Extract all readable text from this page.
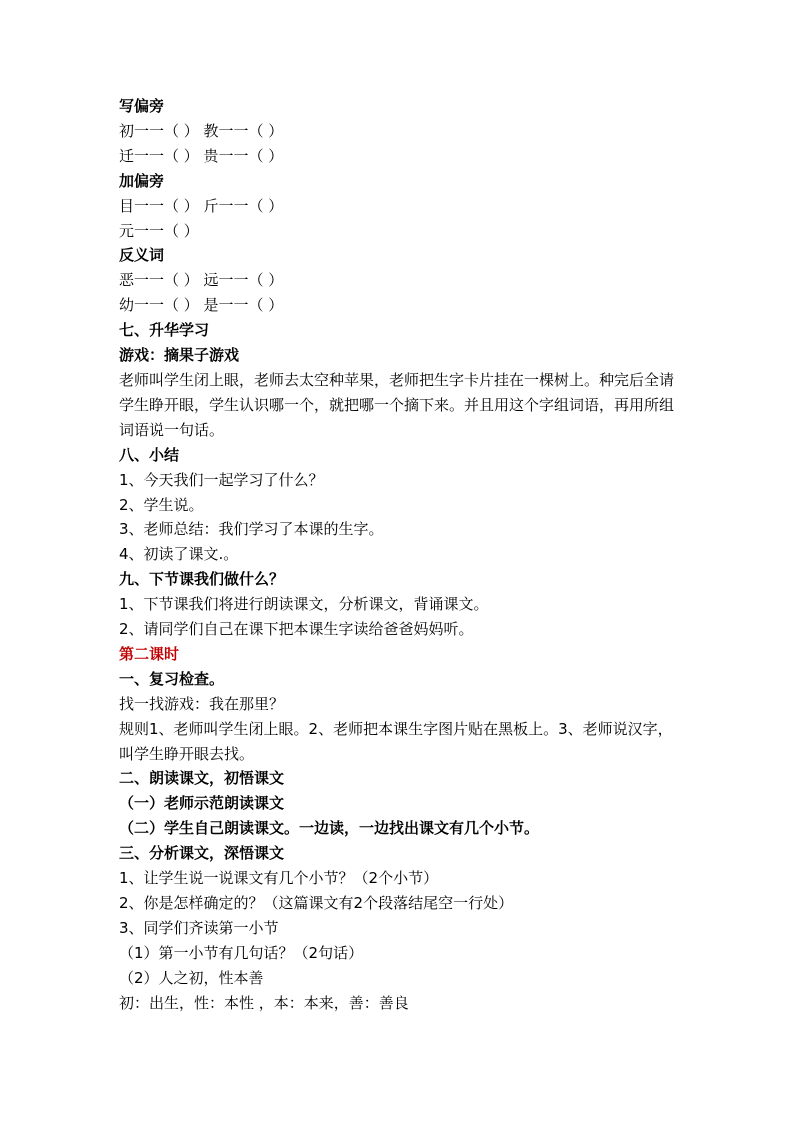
写偏旁
初一一（ ） 教一一（ ）
迁一一（ ） 贵一一（ ）
加偏旁
目一一（ ） 斤一一（ ）
元一一（ ）
反义词
恶一一（ ） 远一一（ ）
幼一一（ ） 是一一（ ）
七、升华学习
游戏：摘果子游戏
老师叫学生闭上眼，老师去太空种苹果，老师把生字卡片挂在一棵树上。种完后全请学生睁开眼，学生认识哪一个，就把哪一个摘下来。并且用这个字组词语，再用所组词语说一句话。
八、小结
1、今天我们一起学习了什么？
2、学生说。
3、老师总结：我们学习了本课的生字。
4、初读了课文.。
九、下节课我们做什么？
1、下节课我们将进行朗读课文，分析课文，背诵课文。
2、请同学们自己在课下把本课生字读给爸爸妈妈听。
第二课时
一、复习检查。
找一找游戏：我在那里？
规则1、老师叫学生闭上眼。2、老师把本课生字图片贴在黑板上。3、老师说汉字，叫学生睁开眼去找。
二、朗读课文，初悟课文
（一）老师示范朗读课文
（二）学生自己朗读课文。一边读，一边找出课文有几个小节。
三、分析课文，深悟课文
1、让学生说一说课文有几个小节？（2个小节）
2、你是怎样确定的？（这篇课文有2个段落结尾空一行处）
3、同学们齐读第一小节
（1）第一小节有几句话？（2句话）
（2）人之初，性本善
初：出生，性：本性 ，本：本来，善：善良
